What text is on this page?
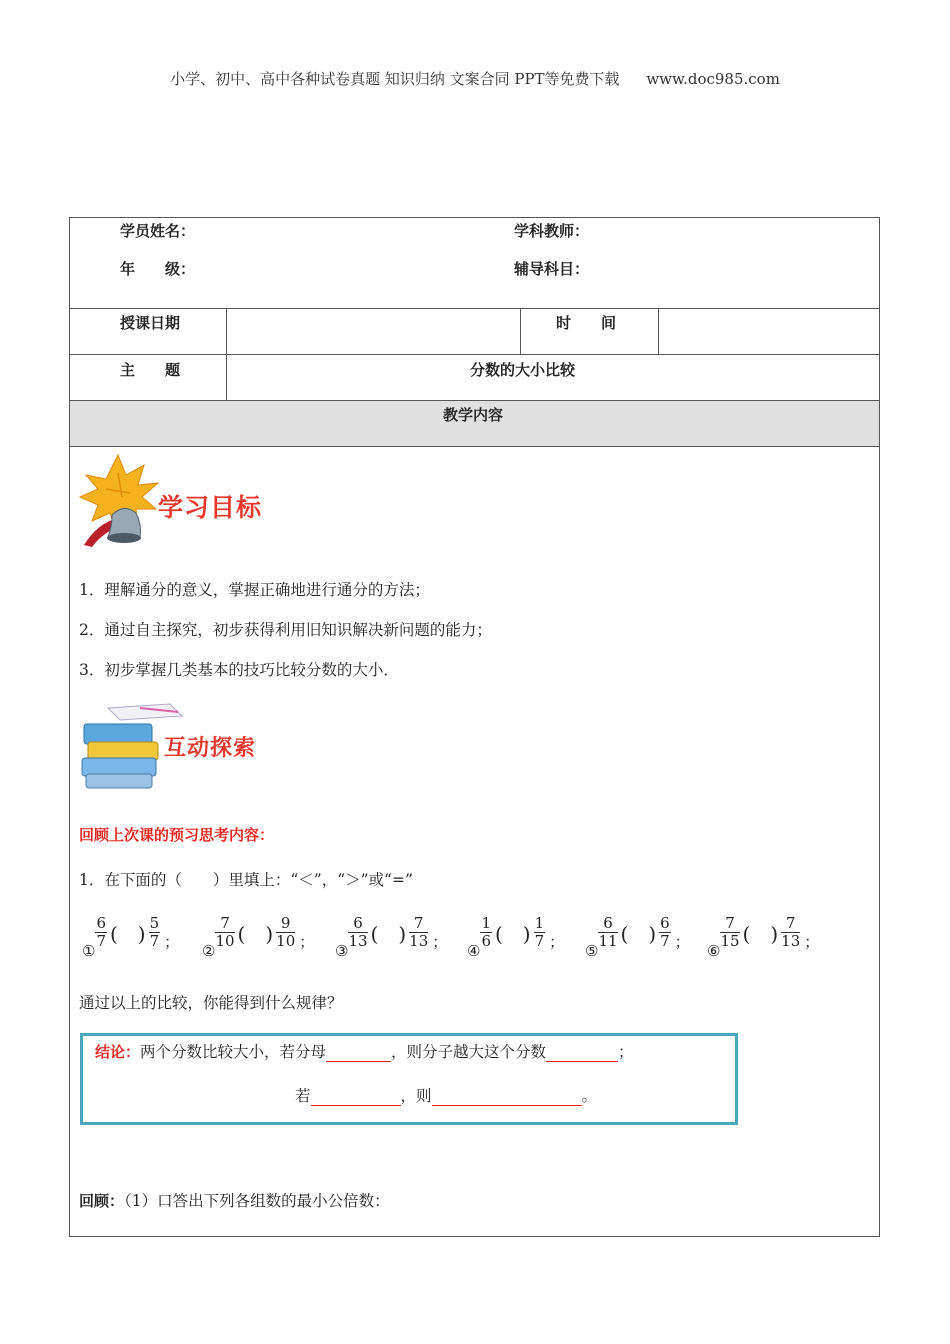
小学、初中、高中各种试卷真题 知识归纳 文案合同 PPT等免费下载 www.doc985.com
学员姓名：	学科教师：
年　　级：	辅导科目：
授课日期	时　　间
主　　题	分数的大小比较
教学内容
学习目标
1．理解通分的意义，掌握正确地进行通分的方法；
2．通过自主探究，初步获得利用旧知识解决新问题的能力；
3．初步掌握几类基本的技巧比较分数的大小．
互动探索
回顾上次课的预习思考内容：
1．在下面的（　　）里填上：“＜”，“＞”或“=”
①
$\frac{6}{7}$ (　) $\frac{5}{7}$ ；
②
$\frac{7}{10}$ (　) $\frac{9}{10}$ ；
③
$\frac{6}{13}$ (　) $\frac{7}{13}$ ；
④
$\frac{1}{6}$ (　) $\frac{1}{7}$ ；
⑤
$\frac{6}{11}$ (　) $\frac{6}{7}$ ；
⑥
$\frac{7}{15}$ (　) $\frac{7}{13}$ ；
通过以上的比较，你能得到什么规律？
结论：两个分数比较大小，若分母	，则分子越大这个分数	；
若	，则	。
回顾：（1）口答出下列各组数的最小公倍数：
